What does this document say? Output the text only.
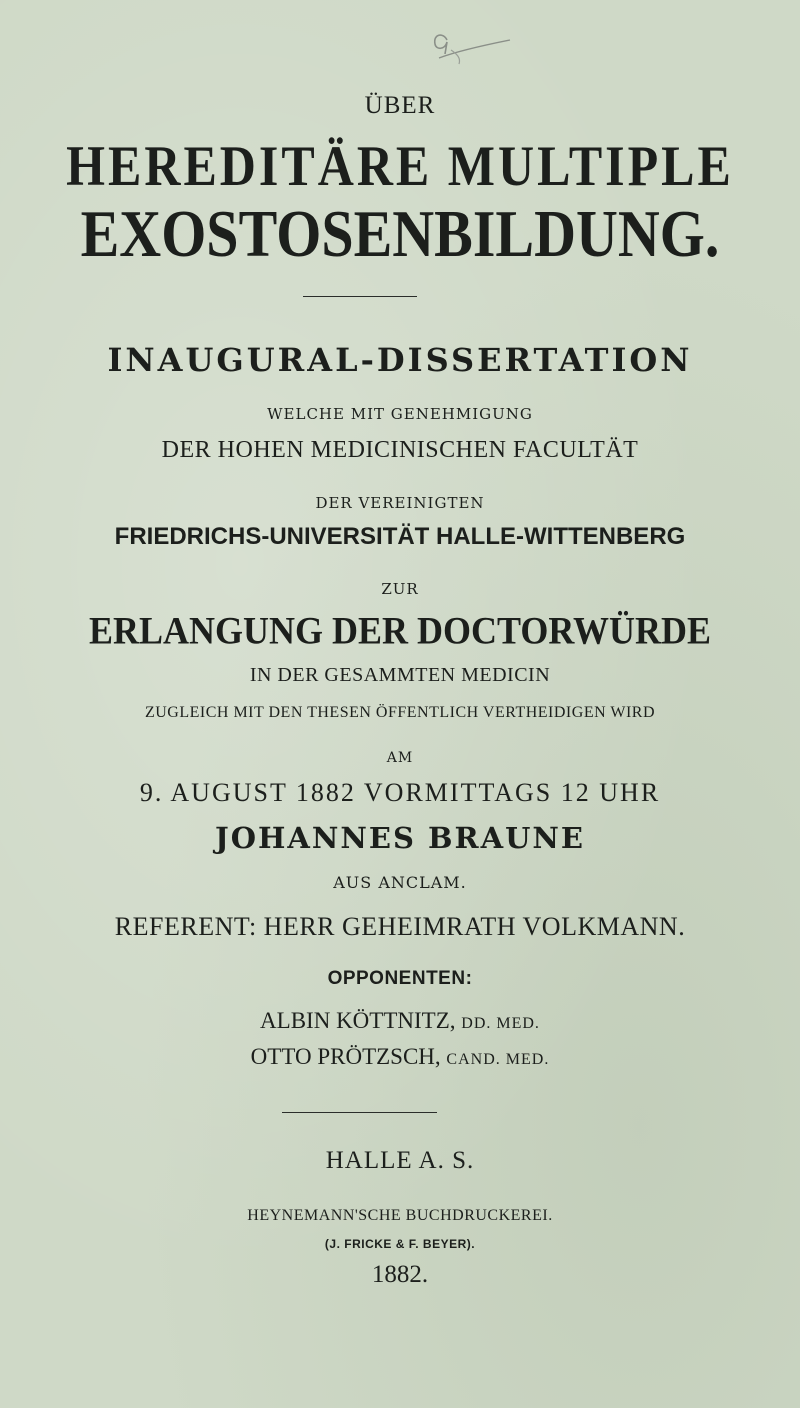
ÜBER
HEREDITÄRE MULTIPLE
EXOSTOSENBILDUNG.
INAUGURAL-DISSERTATION
WELCHE MIT GENEHMIGUNG
DER HOHEN MEDICINISCHEN FACULTÄT
DER VEREINIGTEN
FRIEDRICHS-UNIVERSITÄT HALLE-WITTENBERG
ZUR
ERLANGUNG DER DOCTORWÜRDE
IN DER GESAMMTEN MEDICIN
ZUGLEICH MIT DEN THESEN ÖFFENTLICH VERTHEIDIGEN WIRD
AM
9. AUGUST 1882 VORMITTAGS 12 UHR
JOHANNES BRAUNE
AUS ANCLAM.
REFERENT: HERR GEHEIMRATH VOLKMANN.
OPPONENTEN:
ALBIN KÖTTNITZ, DD. MED.
OTTO PRÖTZSCH, CAND. MED.
HALLE A. S.
HEYNEMANN'SCHE BUCHDRUCKEREI.
(J. FRICKE & F. BEYER).
1882.
